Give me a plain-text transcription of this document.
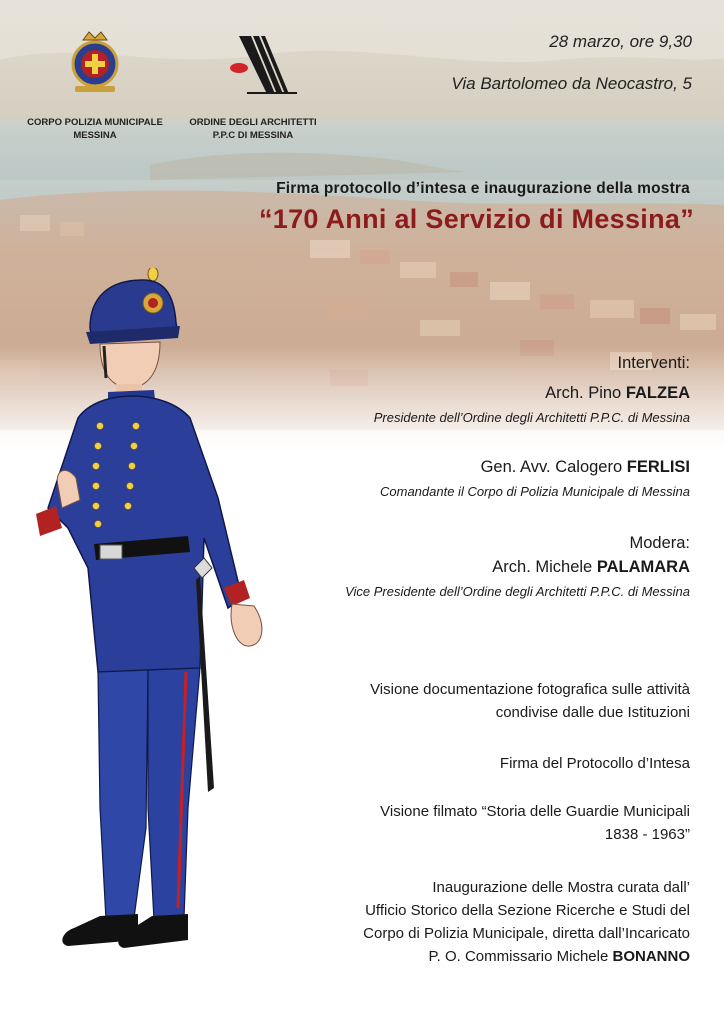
CORPO POLIZIA MUNICIPALE
MESSINA
ORDINE DEGLI ARCHITETTI
P.P.C DI MESSINA
28 marzo, ore 9,30
Via Bartolomeo da Neocastro, 5
Firma protocollo d’intesa e inaugurazione della mostra
“170 Anni al Servizio di Messina”
Interventi:
Arch. Pino FALZEA
Presidente dell’Ordine degli Architetti P.P.C. di Messina
Gen. Avv. Calogero FERLISI
Comandante il Corpo di Polizia Municipale di Messina
Modera:
Arch. Michele PALAMARA
Vice Presidente dell’Ordine degli Architetti P.P.C. di Messina
Visione documentazione fotografica sulle attività
condivise dalle due Istituzioni
Firma del Protocollo d’Intesa
Visione filmato “Storia delle Guardie Municipali
1838 - 1963”
Inaugurazione delle Mostra curata dall’
Ufficio Storico della Sezione Ricerche e Studi del
Corpo di Polizia Municipale, diretta dall’Incaricato
P. O. Commissario Michele BONANNO
